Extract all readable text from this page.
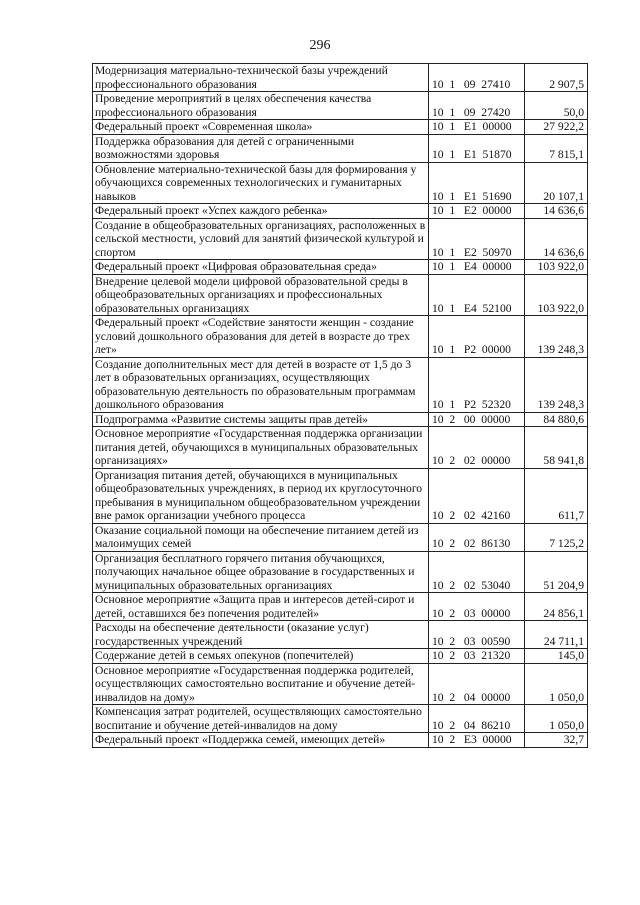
296
Модернизация материально-технической базы учреждений профессионального образования	10  1   09  27410	2 907,5
Проведение мероприятий в целях обеспечения качества профессионального образования	10  1   09  27420	50,0
Федеральный проект «Современная школа»	10  1   Е1  00000	27 922,2
Поддержка образования для детей с ограниченными возможностями здоровья	10  1   Е1  51870	7 815,1
Обновление материально-технической базы для формирования у обучающихся современных технологических и гуманитарных навыков	10  1   Е1  51690	20 107,1
Федеральный проект «Успех каждого ребенка»	10  1   Е2  00000	14 636,6
Создание в общеобразовательных организациях, расположенных в сельской местности, условий для занятий физической культурой и спортом	10  1   Е2  50970	14 636,6
Федеральный проект «Цифровая образовательная среда»	10  1   Е4  00000	103 922,0
Внедрение целевой модели цифровой образовательной среды в общеобразовательных организациях и профессиональных образовательных организациях	10  1   Е4  52100	103 922,0
Федеральный проект «Содействие занятости женщин - создание условий дошкольного образования для детей в возрасте до трех лет»	10  1   Р2  00000	139 248,3
Создание дополнительных мест для детей в возрасте от 1,5 до 3 лет в образовательных организациях, осуществляющих образовательную деятельность по образовательным программам дошкольного образования	10  1   Р2  52320	139 248,3
Подпрограмма «Развитие системы защиты прав детей»	10  2   00  00000	84 880,6
Основное мероприятие «Государственная поддержка организации питания детей, обучающихся в муниципальных образовательных организациях»	10  2   02  00000	58 941,8
Организация питания детей, обучающихся в муниципальных общеобразовательных учреждениях, в период их круглосуточного пребывания в муниципальном общеобразовательном учреждении вне рамок организации учебного процесса	10  2   02  42160	611,7
Оказание социальной помощи на обеспечение питанием детей из малоимущих семей	10  2   02  86130	7 125,2
Организация бесплатного горячего питания обучающихся, получающих начальное общее образование в государственных и муниципальных образовательных организациях	10  2   02  53040	51 204,9
Основное мероприятие «Защита прав и интересов детей-сирот и детей, оставшихся без попечения родителей»	10  2   03  00000	24 856,1
Расходы на обеспечение деятельности (оказание услуг) государственных учреждений	10  2   03  00590	24 711,1
Содержание детей в семьях опекунов (попечителей)	10  2   03  21320	145,0
Основное мероприятие «Государственная поддержка родителей, осуществляющих самостоятельно воспитание и обучение детей-инвалидов на дому»	10  2   04  00000	1 050,0
Компенсация затрат родителей, осуществляющих самостоятельно воспитание и обучение детей-инвалидов на дому	10  2   04  86210	1 050,0
Федеральный проект «Поддержка семей, имеющих детей»	10  2   Е3  00000	32,7
